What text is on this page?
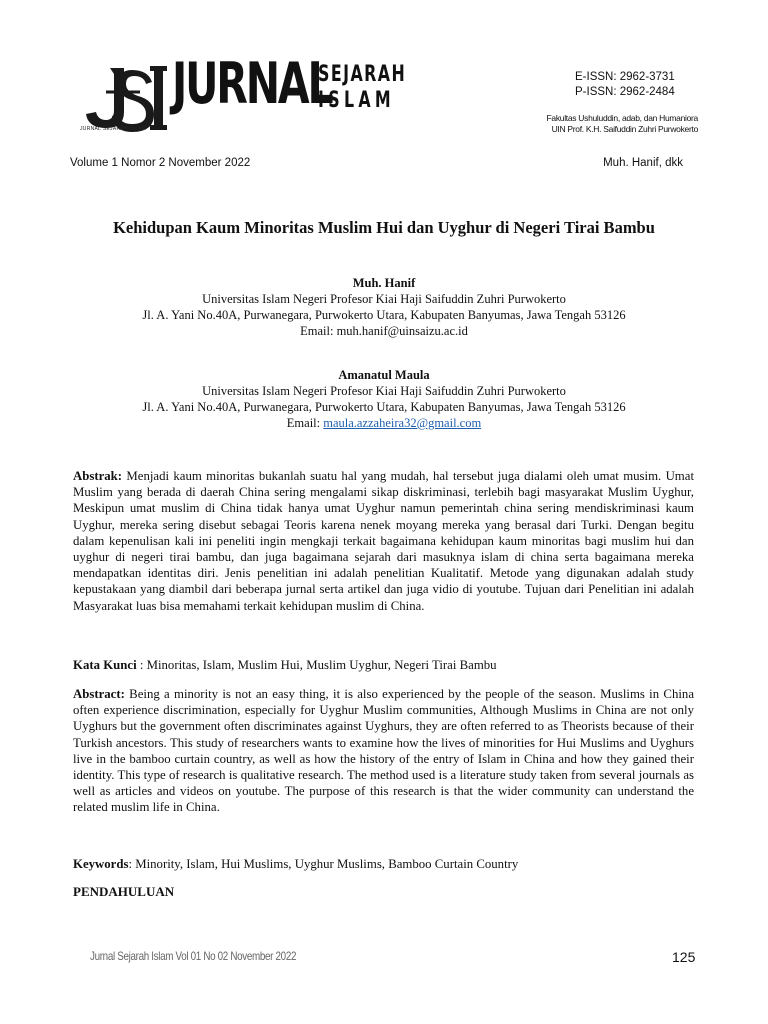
JURNAL SEJARAH ISLAM
JURNAL
SEJARAH
ISLAM
E-ISSN: 2962-3731
P-ISSN: 2962-2484
Fakultas Ushuluddin, adab, dan Humaniora
UIN Prof. K.H. Saifuddin Zuhri Purwokerto
Volume 1 Nomor 2 November 2022	Muh. Hanif, dkk
Kehidupan Kaum Minoritas Muslim Hui dan Uyghur di Negeri Tirai Bambu
Muh. Hanif
Universitas Islam Negeri Profesor Kiai Haji Saifuddin Zuhri Purwokerto
Jl. A. Yani No.40A, Purwanegara, Purwokerto Utara, Kabupaten Banyumas, Jawa Tengah 53126
Email: muh.hanif@uinsaizu.ac.id
Amanatul Maula
Universitas Islam Negeri Profesor Kiai Haji Saifuddin Zuhri Purwokerto
Jl. A. Yani No.40A, Purwanegara, Purwokerto Utara, Kabupaten Banyumas, Jawa Tengah 53126
Email: maula.azzaheira32@gmail.com
Abstrak: Menjadi kaum minoritas bukanlah suatu hal yang mudah, hal tersebut juga dialami oleh umat musim. Umat Muslim yang berada di daerah China sering mengalami sikap diskriminasi, terlebih bagi masyarakat Muslim Uyghur, Meskipun umat muslim di China tidak hanya umat Uyghur namun pemerintah china sering mendiskriminasi kaum Uyghur, mereka sering disebut sebagai Teoris karena nenek moyang mereka yang berasal dari Turki. Dengan begitu dalam kepenulisan kali ini peneliti ingin mengkaji terkait bagaimana kehidupan kaum minoritas bagi muslim hui dan uyghur di negeri tirai bambu, dan juga bagaimana sejarah dari masuknya islam di china serta bagaimana mereka mendapatkan identitas diri. Jenis penelitian ini adalah penelitian Kualitatif. Metode yang digunakan adalah study kepustakaan yang diambil dari beberapa jurnal serta artikel dan juga vidio di youtube. Tujuan dari Penelitian ini adalah Masyarakat luas bisa memahami terkait kehidupan muslim di China.
Kata Kunci : Minoritas, Islam, Muslim Hui, Muslim Uyghur, Negeri Tirai Bambu
Abstract: Being a minority is not an easy thing, it is also experienced by the people of the season. Muslims in China often experience discrimination, especially for Uyghur Muslim communities, Although Muslims in China are not only Uyghurs but the government often discriminates against Uyghurs, they are often referred to as Theorists because of their Turkish ancestors. This study of researchers wants to examine how the lives of minorities for Hui Muslims and Uyghurs live in the bamboo curtain country, as well as how the history of the entry of Islam in China and how they gained their identity. This type of research is qualitative research. The method used is a literature study taken from several journals as well as articles and videos on youtube. The purpose of this research is that the wider community can understand the related muslim life in China.
Keywords: Minority, Islam, Hui Muslims, Uyghur Muslims, Bamboo Curtain Country
PENDAHULUAN
Jurnal Sejarah Islam Vol 01 No 02 November 2022	125
